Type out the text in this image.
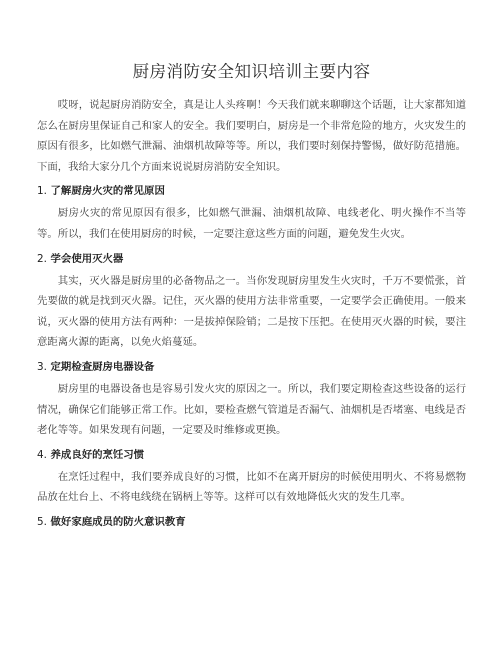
厨房消防安全知识培训主要内容

哎呀，说起厨房消防安全，真是让人头疼啊！今天我们就来聊聊这个话题，让大家都知道怎么在厨房里保证自己和家人的安全。我们要明白，厨房是一个非常危险的地方，火灾发生的原因有很多，比如燃气泄漏、油烟机故障等等。所以，我们要时刻保持警惕，做好防范措施。下面，我给大家分几个方面来说说厨房消防安全知识。

1. 了解厨房火灾的常见原因

厨房火灾的常见原因有很多，比如燃气泄漏、油烟机故障、电线老化、明火操作不当等等。所以，我们在使用厨房的时候，一定要注意这些方面的问题，避免发生火灾。

2. 学会使用灭火器

其实，灭火器是厨房里的必备物品之一。当你发现厨房里发生火灾时，千万不要慌张，首先要做的就是找到灭火器。记住，灭火器的使用方法非常重要，一定要学会正确使用。一般来说，灭火器的使用方法有两种：一是拔掉保险销；二是按下压把。在使用灭火器的时候，要注意距离火源的距离，以免火焰蔓延。

3. 定期检查厨房电器设备

厨房里的电器设备也是容易引发火灾的原因之一。所以，我们要定期检查这些设备的运行情况，确保它们能够正常工作。比如，要检查燃气管道是否漏气、油烟机是否堵塞、电线是否老化等等。如果发现有问题，一定要及时维修或更换。

4. 养成良好的烹饪习惯

在烹饪过程中，我们要养成良好的习惯，比如不在离开厨房的时候使用明火、不将易燃物品放在灶台上、不将电线绕在锅柄上等等。这样可以有效地降低火灾的发生几率。

5. 做好家庭成员的防火意识教育
